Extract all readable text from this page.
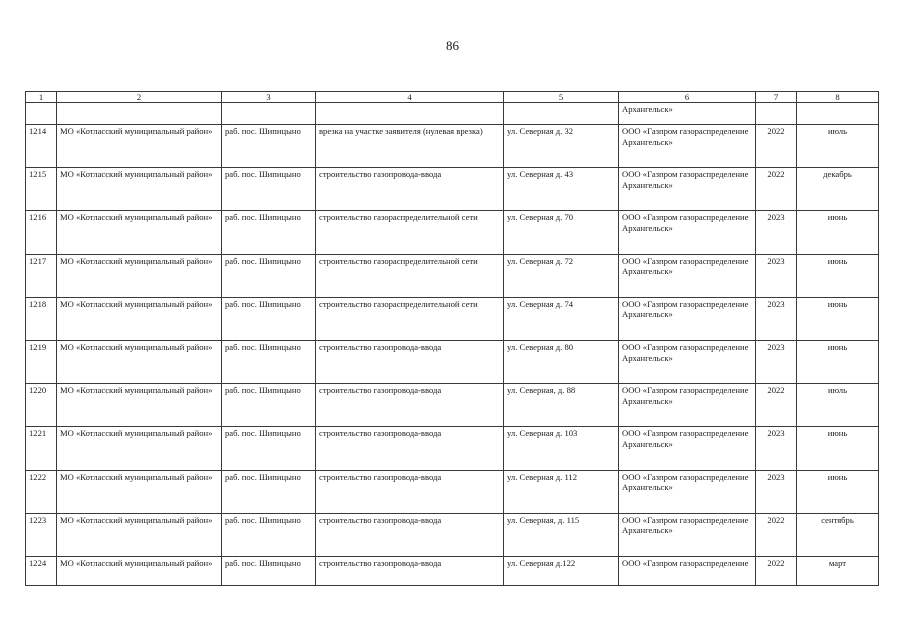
86
1	2	3	4	5	6	7	8
					Архангельск»		
1214	МО «Котласский муниципальный район»	раб. пос. Шипицыно	врезка на участке заявителя (нулевая врезка)	ул. Северная д. 32	ООО «Газпром газораспределение Архангельск»	2022	июль
1215	МО «Котласский муниципальный район»	раб. пос. Шипицыно	строительство газопровода-ввода	ул. Северная д. 43	ООО «Газпром газораспределение Архангельск»	2022	декабрь
1216	МО «Котласский муниципальный район»	раб. пос. Шипицыно	строительство газораспределительной сети	ул. Северная д. 70	ООО «Газпром газораспределение Архангельск»	2023	июнь
1217	МО «Котласский муниципальный район»	раб. пос. Шипицыно	строительство газораспределительной сети	ул. Северная д. 72	ООО «Газпром газораспределение Архангельск»	2023	июнь
1218	МО «Котласский муниципальный район»	раб. пос. Шипицыно	строительство газораспределительной сети	ул. Северная д. 74	ООО «Газпром газораспределение Архангельск»	2023	июнь
1219	МО «Котласский муниципальный район»	раб. пос. Шипицыно	строительство газопровода-ввода	ул. Северная д. 80	ООО «Газпром газораспределение Архангельск»	2023	июнь
1220	МО «Котласский муниципальный район»	раб. пос. Шипицыно	строительство газопровода-ввода	ул. Северная, д. 88	ООО «Газпром газораспределение Архангельск»	2022	июль
1221	МО «Котласский муниципальный район»	раб. пос. Шипицыно	строительство газопровода-ввода	ул. Северная д. 103	ООО «Газпром газораспределение Архангельск»	2023	июнь
1222	МО «Котласский муниципальный район»	раб. пос. Шипицыно	строительство газопровода-ввода	ул. Северная д. 112	ООО «Газпром газораспределение Архангельск»	2023	июнь
1223	МО «Котласский муниципальный район»	раб. пос. Шипицыно	строительство газопровода-ввода	ул. Северная, д. 115	ООО «Газпром газораспределение Архангельск»	2022	сентябрь
1224	МО «Котласский муниципальный район»	раб. пос. Шипицыно	строительство газопровода-ввода	ул. Северная д.122	ООО «Газпром газораспределение	2022	март
